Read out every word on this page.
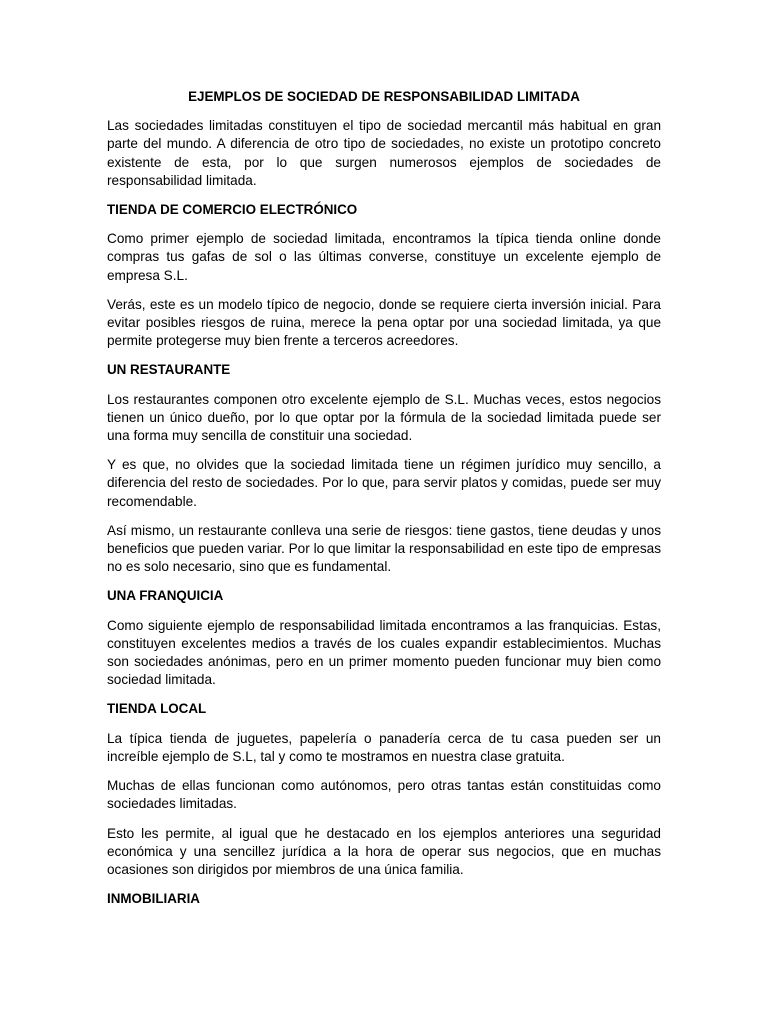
EJEMPLOS DE SOCIEDAD DE RESPONSABILIDAD LIMITADA

Las sociedades limitadas constituyen el tipo de sociedad mercantil más habitual en gran parte del mundo. A diferencia de otro tipo de sociedades, no existe un prototipo concreto existente de esta, por lo que surgen numerosos ejemplos de sociedades de responsabilidad limitada.

TIENDA DE COMERCIO ELECTRÓNICO

Como primer ejemplo de sociedad limitada, encontramos la típica tienda online donde compras tus gafas de sol o las últimas converse, constituye un excelente ejemplo de empresa S.L.

Verás, este es un modelo típico de negocio, donde se requiere cierta inversión inicial. Para evitar posibles riesgos de ruina, merece la pena optar por una sociedad limitada, ya que permite protegerse muy bien frente a terceros acreedores.

UN RESTAURANTE

Los restaurantes componen otro excelente ejemplo de S.L. Muchas veces, estos negocios tienen un único dueño, por lo que optar por la fórmula de la sociedad limitada puede ser una forma muy sencilla de constituir una sociedad.

Y es que, no olvides que la sociedad limitada tiene un régimen jurídico muy sencillo, a diferencia del resto de sociedades. Por lo que, para servir platos y comidas, puede ser muy recomendable.

Así mismo, un restaurante conlleva una serie de riesgos: tiene gastos, tiene deudas y unos beneficios que pueden variar. Por lo que limitar la responsabilidad en este tipo de empresas no es solo necesario, sino que es fundamental.

UNA FRANQUICIA

Como siguiente ejemplo de responsabilidad limitada encontramos a las franquicias. Estas, constituyen excelentes medios a través de los cuales expandir establecimientos. Muchas son sociedades anónimas, pero en un primer momento pueden funcionar muy bien como sociedad limitada.

TIENDA LOCAL

La típica tienda de juguetes, papelería o panadería cerca de tu casa pueden ser un increíble ejemplo de S.L, tal y como te mostramos en nuestra clase gratuita.

Muchas de ellas funcionan como autónomos, pero otras tantas están constituidas como sociedades limitadas.

Esto les permite, al igual que he destacado en los ejemplos anteriores una seguridad económica y una sencillez jurídica a la hora de operar sus negocios, que en muchas ocasiones son dirigidos por miembros de una única familia.

INMOBILIARIA
